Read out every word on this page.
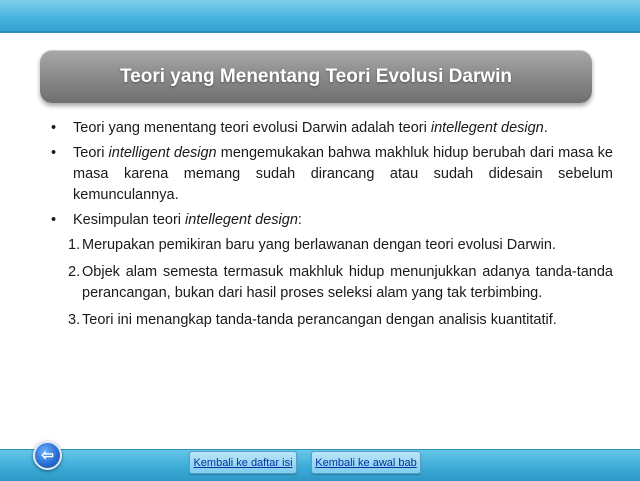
Teori yang Menentang Teori Evolusi Darwin
• Teori yang menentang teori evolusi Darwin adalah teori intellegent design.
• Teori intelligent design mengemukakan bahwa makhluk hidup berubah dari masa ke masa karena memang sudah dirancang atau sudah didesain sebelum kemunculannya.
• Kesimpulan teori intellegent design:
1. Merupakan pemikiran baru yang berlawanan dengan teori evolusi Darwin.
2. Objek alam semesta termasuk makhluk hidup menunjukkan adanya tanda-tanda perancangan, bukan dari hasil proses seleksi alam yang tak terbimbing.
3. Teori ini menangkap tanda-tanda perancangan dengan analisis kuantitatif.
⇦	Kembali ke daftar isi	Kembali ke awal bab
